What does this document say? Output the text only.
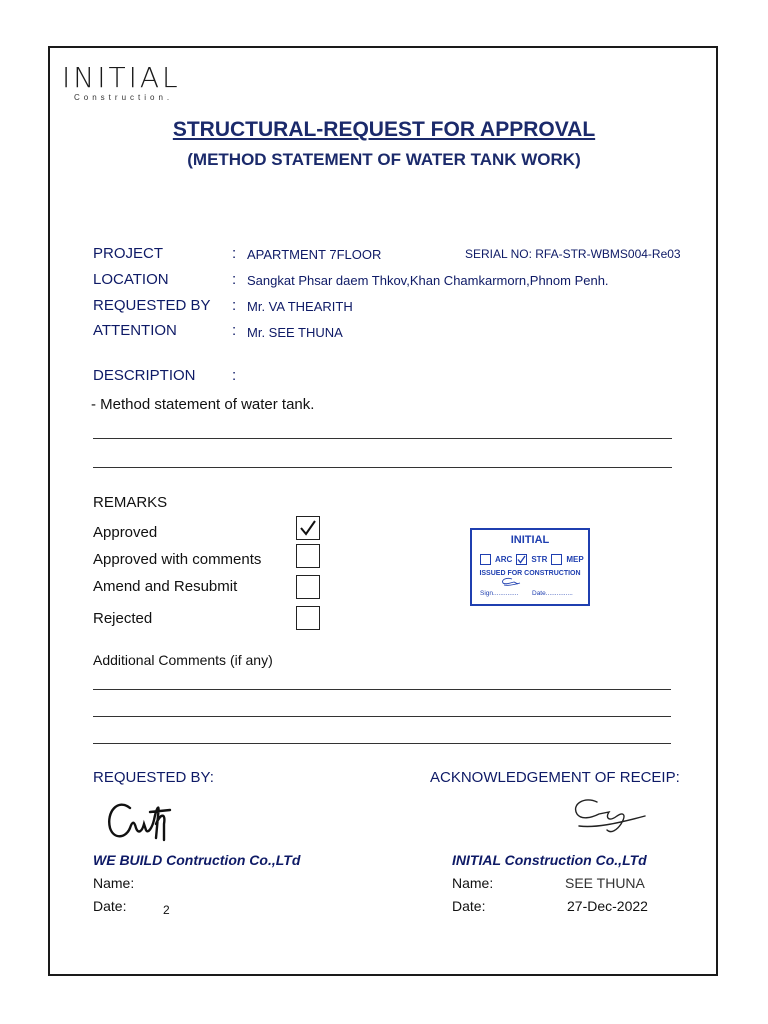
INITIAL
Construction.
STRUCTURAL-REQUEST FOR APPROVAL
(METHOD STATEMENT OF WATER TANK WORK)
PROJECT	: APARTMENT 7FLOOR	SERIAL NO: RFA-STR-WBMS004-Re03
LOCATION	: Sangkat Phsar daem Thkov,Khan Chamkarmorn,Phnom Penh.
REQUESTED BY : Mr. VA THEARITH
ATTENTION	: Mr. SEE THUNA
DESCRIPTION :
- Method statement of water tank.
REMARKS
Approved
Approved with comments
Amend and Resubmit
Rejected
INITIAL
ARC STR MEP
ISSUED FOR CONSTRUCTION
Sign.............. Date...............
Additional Comments (if any)
REQUESTED BY:	ACKNOWLEDGEMENT OF RECEIP:
WE BUILD Contruction Co.,LTd	INITIAL Construction Co.,LTd
Name:	Name:	SEE THUNA
Date:	2	Date:	27-Dec-2022
